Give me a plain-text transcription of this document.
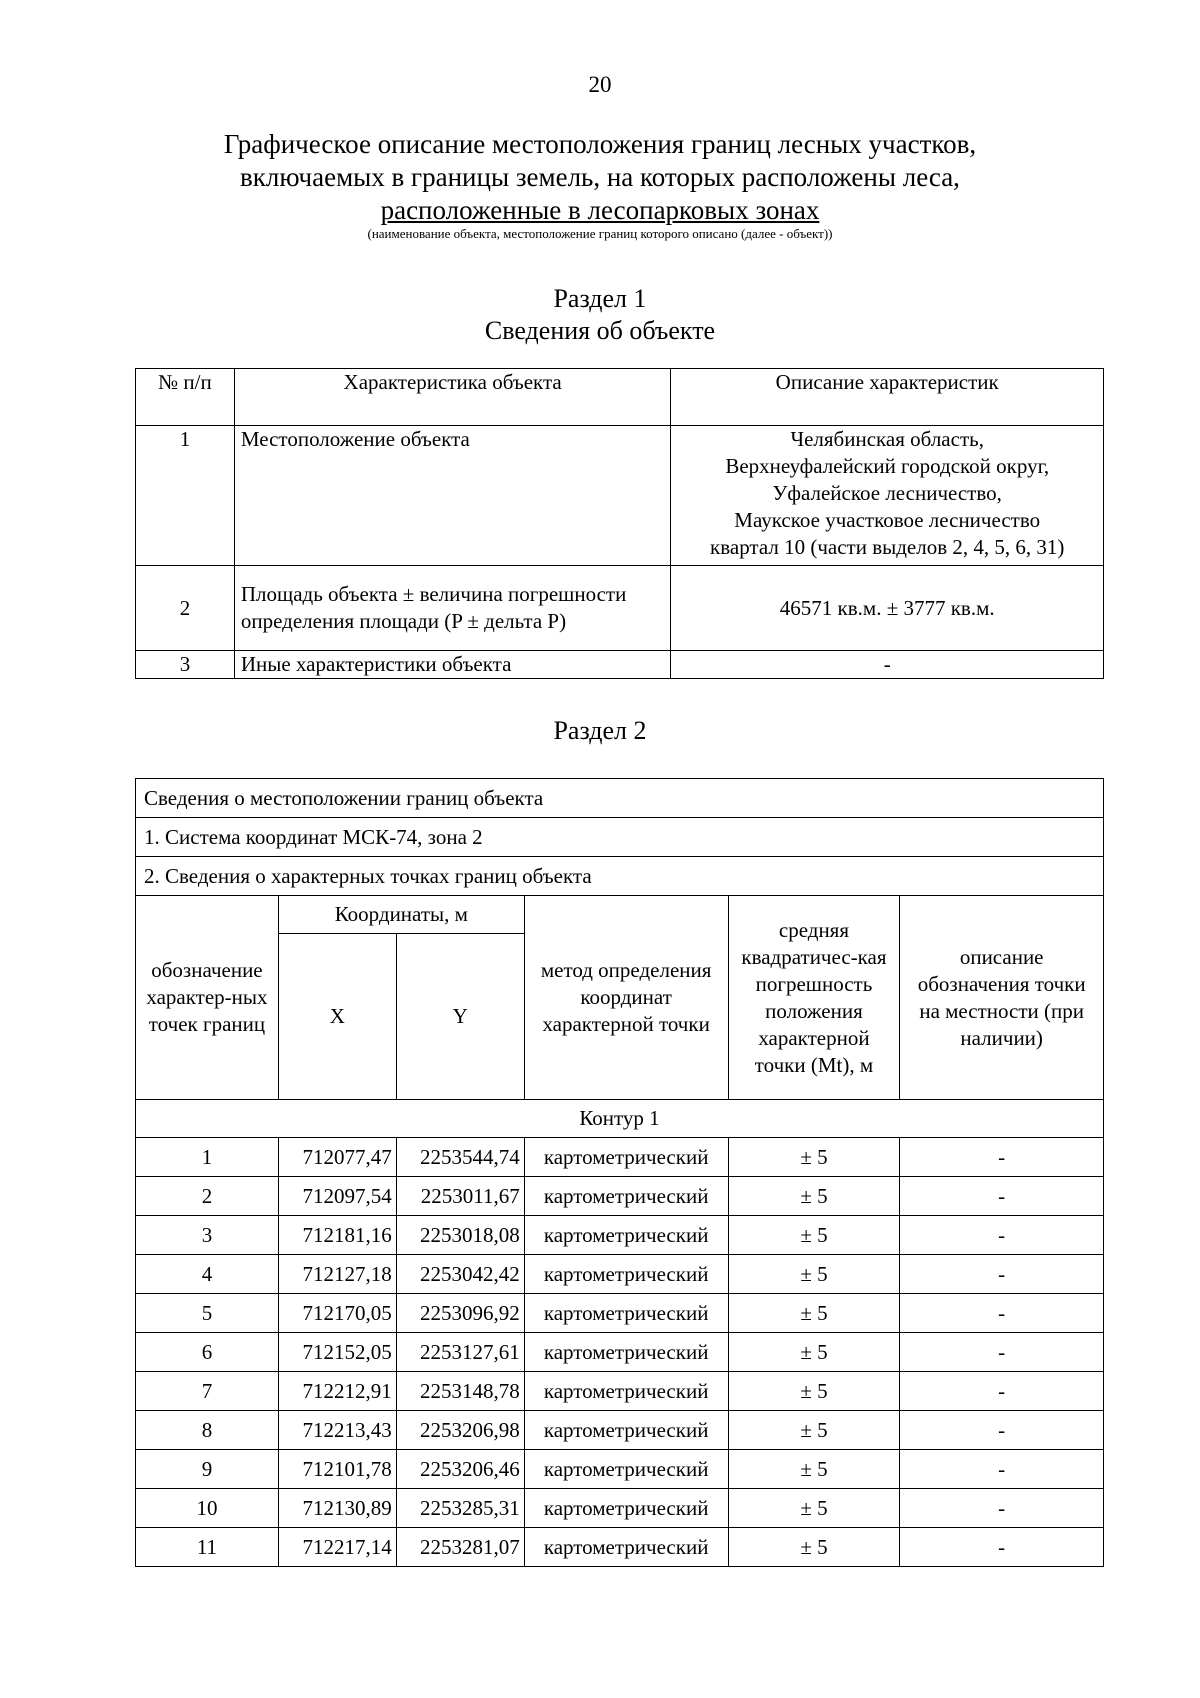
20
Графическое описание местоположения границ лесных участков,
включаемых в границы земель, на которых расположены леса,
расположенные в лесопарковых зонах
(наименование объекта, местоположение границ которого описано (далее - объект))
Раздел 1
Сведения об объекте
№ п/п	Характеристика объекта	Описание характеристик
1	Местоположение объекта	Челябинская область,
Верхнеуфалейский городской округ,
Уфалейское лесничество,
Маукское участковое лесничество
квартал 10 (части выделов 2, 4, 5, 6, 31)

2	Площадь объекта ± величина погрешности определения площади (P ± дельта P)	46571 кв.м. ± 3777 кв.м.
3	Иные характеристики объекта	-
Раздел 2
Сведения о местоположении границ объекта					
1. Система координат МСК-74, зона 2					
2. Сведения о характерных точках границ объекта					
обозначение характер-ных точек границ	Координаты, м		метод определения координат характерной точки	средняя квадратичес-кая погрешность положения характерной точки (Mt), м	описание обозначения точки на местности (при наличии)
	X	Y			
Контур 1					
1	712077,47	2253544,74	картометрический	± 5	-
2	712097,54	2253011,67	картометрический	± 5	-
3	712181,16	2253018,08	картометрический	± 5	-
4	712127,18	2253042,42	картометрический	± 5	-
5	712170,05	2253096,92	картометрический	± 5	-
6	712152,05	2253127,61	картометрический	± 5	-
7	712212,91	2253148,78	картометрический	± 5	-
8	712213,43	2253206,98	картометрический	± 5	-
9	712101,78	2253206,46	картометрический	± 5	-
10	712130,89	2253285,31	картометрический	± 5	-
11	712217,14	2253281,07	картометрический	± 5	-
